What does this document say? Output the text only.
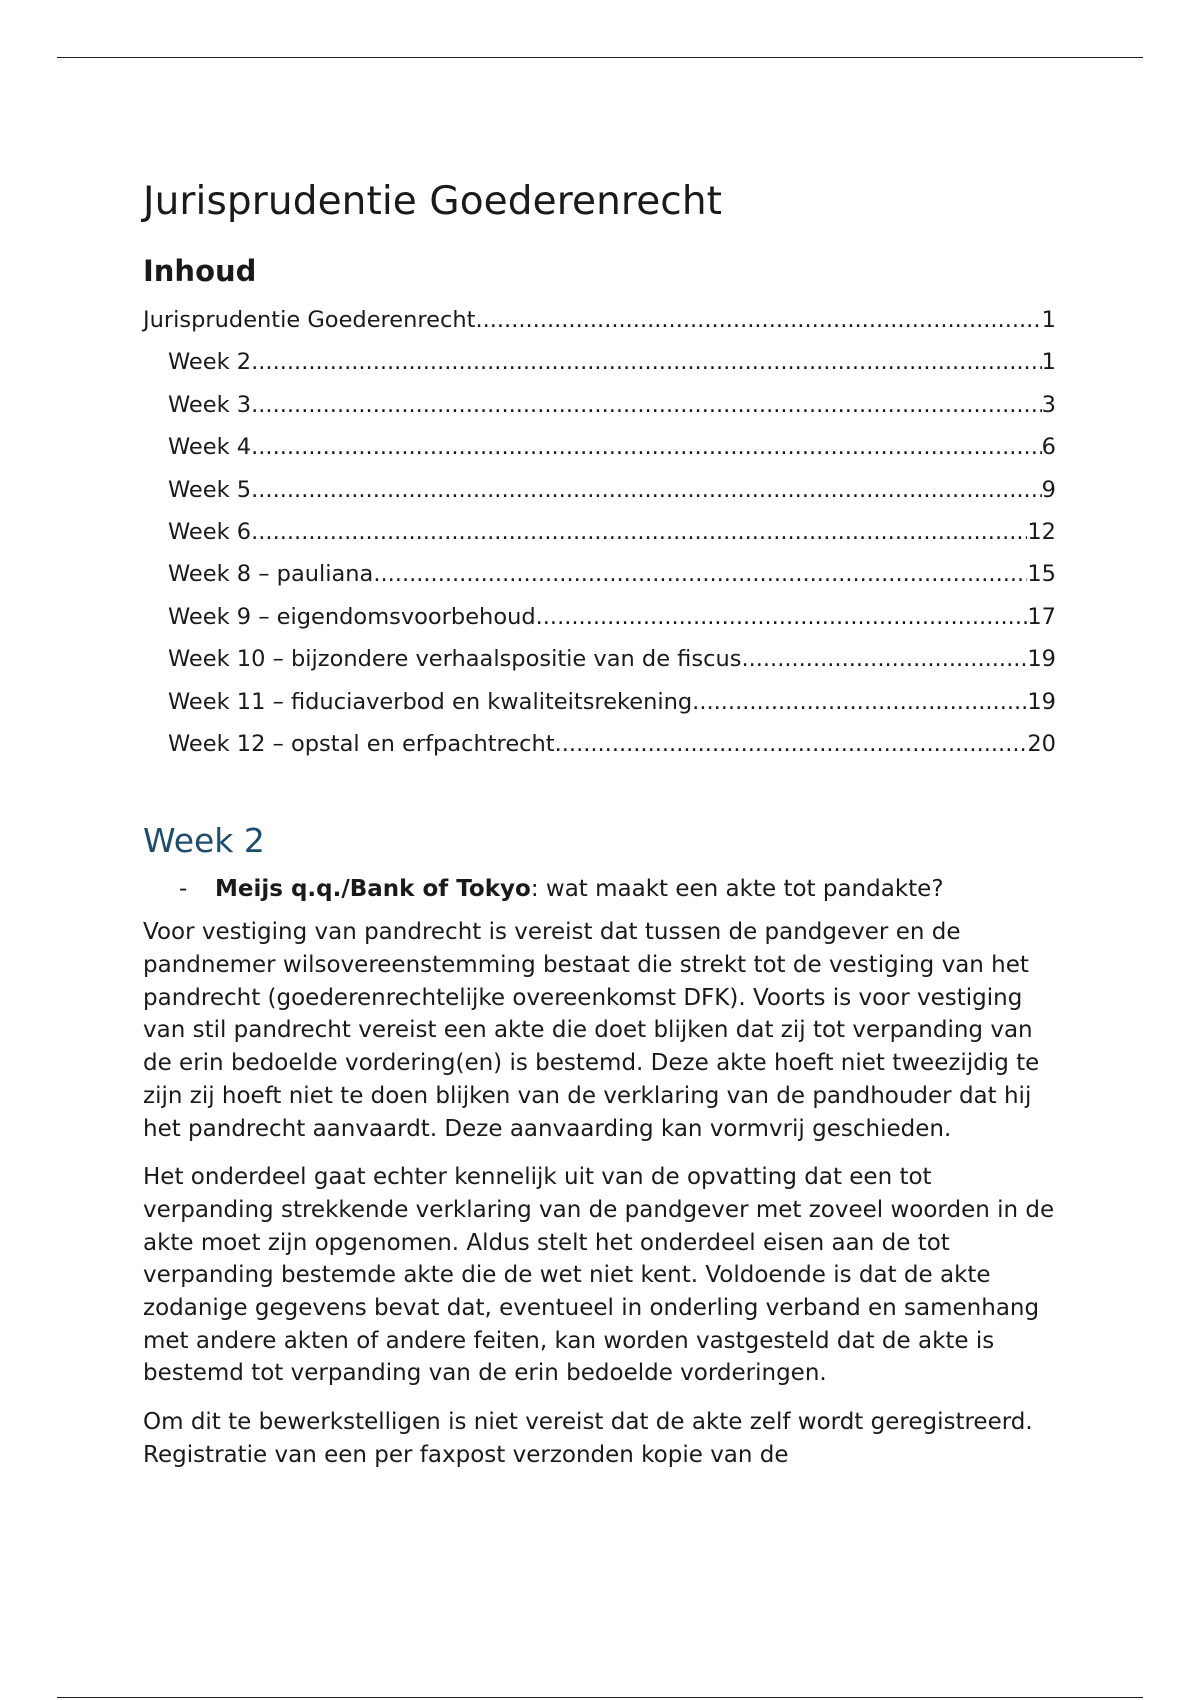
Jurisprudentie Goederenrecht
Inhoud
Jurisprudentie Goederenrecht .....	1
Week 2 .....	1
Week 3 .....	3
Week 4 .....	6
Week 5 .....	9
Week 6 .....	12
Week 8 – pauliana .....	15
Week 9 – eigendomsvoorbehoud .....	17
Week 10 – bijzondere verhaalspositie van de fiscus .....	19
Week 11 – fiduciaverbod en kwaliteitsrekening .....	19
Week 12 – opstal en erfpachtrecht .....	20
Week 2
-	Meijs q.q./Bank of Tokyo: wat maakt een akte tot pandakte?

Voor vestiging van pandrecht is vereist dat tussen de pandgever en de pandnemer wilsovereenstemming bestaat die strekt tot de vestiging van het pandrecht (goederenrechtelijke overeenkomst DFK). Voorts is voor vestiging van stil pandrecht vereist een akte die doet blijken dat zij tot verpanding van de erin bedoelde vordering(en) is bestemd. Deze akte hoeft niet tweezijdig te zijn zij hoeft niet te doen blijken van de verklaring van de pandhouder dat hij het pandrecht aanvaardt. Deze aanvaarding kan vormvrij geschieden.

Het onderdeel gaat echter kennelijk uit van de opvatting dat een tot verpanding strekkende verklaring van de pandgever met zoveel woorden in de akte moet zijn opgenomen. Aldus stelt het onderdeel eisen aan de tot verpanding bestemde akte die de wet niet kent. Voldoende is dat de akte zodanige gegevens bevat dat, eventueel in onderling verband en samenhang met andere akten of andere feiten, kan worden vastgesteld dat de akte is bestemd tot verpanding van de erin bedoelde vorderingen.

Om dit te bewerkstelligen is niet vereist dat de akte zelf wordt geregistreerd. Registratie van een per faxpost verzonden kopie van de
